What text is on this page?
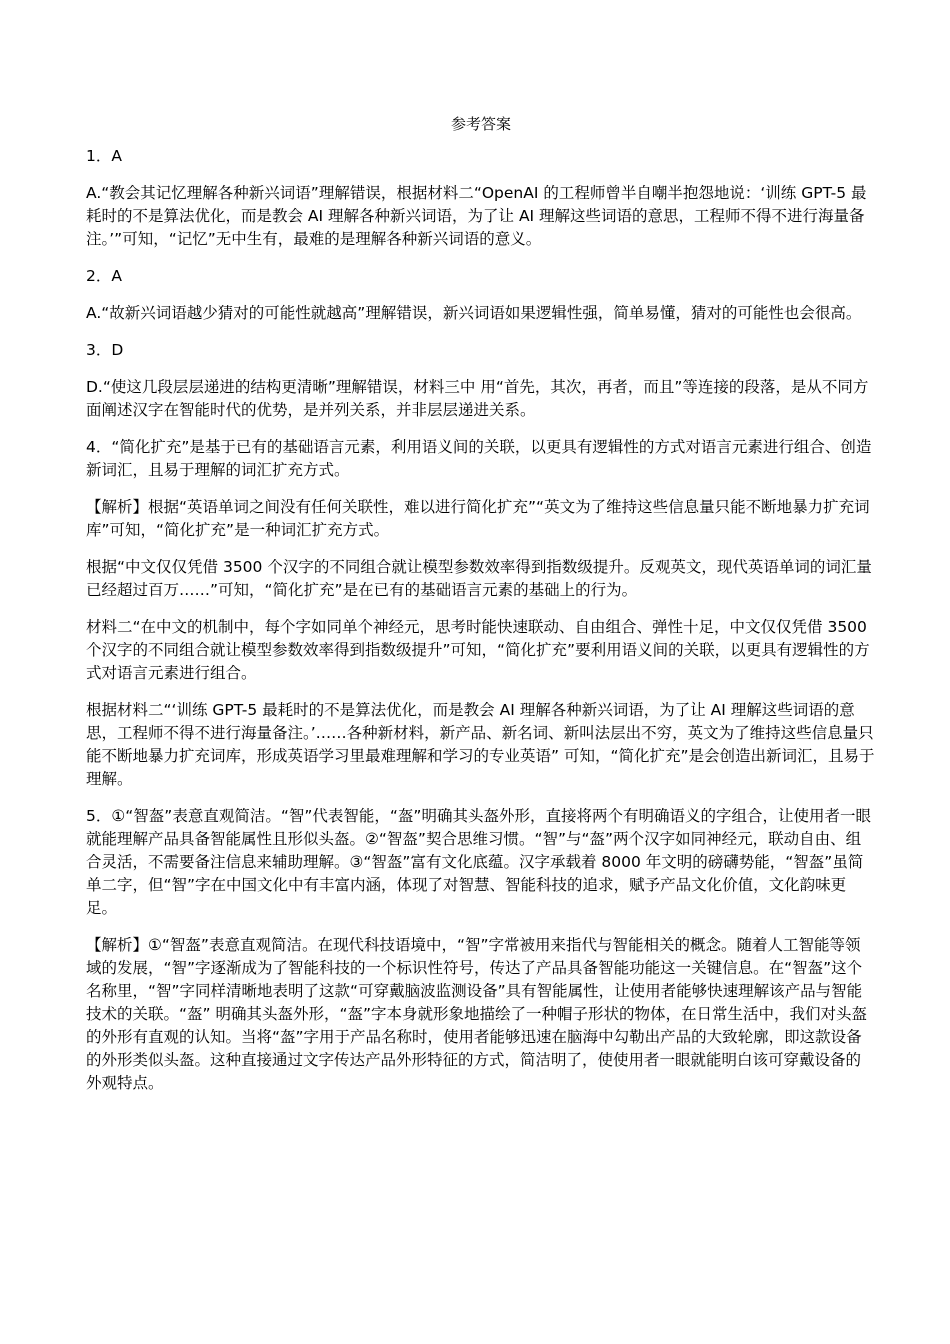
参考答案
1．A
A.“教会其记忆理解各种新兴词语”理解错误，根据材料二“OpenAI 的工程师曾半自嘲半抱怨地说：‘训练 GPT-5 最耗时的不是算法优化，而是教会 AI 理解各种新兴词语，为了让 AI 理解这些词语的意思，工程师不得不进行海量备注。’”可知，“记忆”无中生有，最难的是理解各种新兴词语的意义。
2．A
A.“故新兴词语越少猜对的可能性就越高”理解错误，新兴词语如果逻辑性强，简单易懂，猜对的可能性也会很高。
3．D
D.“使这几段层层递进的结构更清晰”理解错误，材料三中 用“首先，其次，再者，而且”等连接的段落，是从不同方面阐述汉字在智能时代的优势，是并列关系，并非层层递进关系。
4．“简化扩充”是基于已有的基础语言元素，利用语义间的关联，以更具有逻辑性的方式对语言元素进行组合、创造新词汇，且易于理解的词汇扩充方式。
【解析】根据“英语单词之间没有任何关联性，难以进行简化扩充”“英文为了维持这些信息量只能不断地暴力扩充词库”可知，“简化扩充”是一种词汇扩充方式。
根据“中文仅仅凭借 3500 个汉字的不同组合就让模型参数效率得到指数级提升。反观英文，现代英语单词的词汇量已经超过百万……”可知，“简化扩充”是在已有的基础语言元素的基础上的行为。
材料二“在中文的机制中，每个字如同单个神经元，思考时能快速联动、自由组合、弹性十足，中文仅仅凭借 3500 个汉字的不同组合就让模型参数效率得到指数级提升”可知，“简化扩充”要利用语义间的关联，以更具有逻辑性的方式对语言元素进行组合。
根据材料二“‘训练 GPT-5 最耗时的不是算法优化，而是教会 AI 理解各种新兴词语，为了让 AI 理解这些词语的意思，工程师不得不进行海量备注。’……各种新材料，新产品、新名词、新叫法层出不穷，英文为了维持这些信息量只能不断地暴力扩充词库，形成英语学习里最难理解和学习的专业英语” 可知，“简化扩充”是会创造出新词汇，且易于理解。
5．①“智盔”表意直观简洁。“智”代表智能，“盔”明确其头盔外形，直接将两个有明确语义的字组合，让使用者一眼就能理解产品具备智能属性且形似头盔。②“智盔”契合思维习惯。“智”与“盔”两个汉字如同神经元，联动自由、组合灵活，不需要备注信息来辅助理解。③“智盔”富有文化底蕴。汉字承载着 8000 年文明的磅礴势能，“智盔”虽简单二字，但“智”字在中国文化中有丰富内涵，体现了对智慧、智能科技的追求，赋予产品文化价值，文化韵味更足。
【解析】①“智盔”表意直观简洁。在现代科技语境中，“智”字常被用来指代与智能相关的概念。随着人工智能等领域的发展，“智”字逐渐成为了智能科技的一个标识性符号，传达了产品具备智能功能这一关键信息。在“智盔”这个名称里，“智”字同样清晰地表明了这款“可穿戴脑波监测设备”具有智能属性，让使用者能够快速理解该产品与智能技术的关联。“盔” 明确其头盔外形，“盔”字本身就形象地描绘了一种帽子形状的物体，在日常生活中，我们对头盔的外形有直观的认知。当将“盔”字用于产品名称时，使用者能够迅速在脑海中勾勒出产品的大致轮廓，即这款设备的外形类似头盔。这种直接通过文字传达产品外形特征的方式，简洁明了，使使用者一眼就能明白该可穿戴设备的外观特点。
